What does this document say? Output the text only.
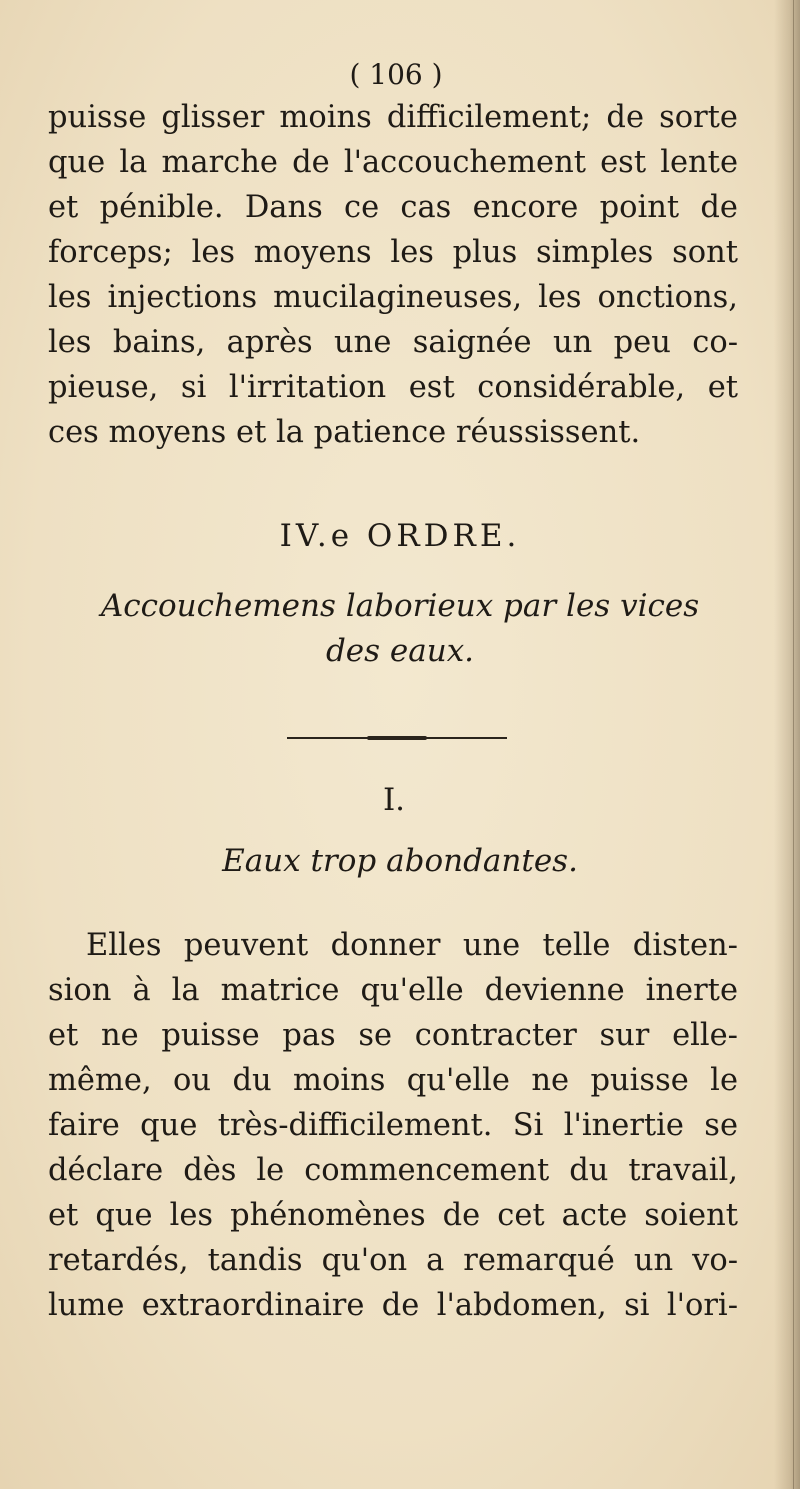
( 106 )
puisse glisser moins difficilement; de sorte
que la marche de l'accouchement est lente
et pénible. Dans ce cas encore point de
forceps; les moyens les plus simples sont
les injections mucilagineuses, les onctions,
les bains, après une saignée un peu co-
pieuse, si l'irritation est considérable, et
ces moyens et la patience réussissent.
IV.e ORDRE.
Accouchemens laborieux par les vices
des eaux.
I.
Eaux trop abondantes.
Elles peuvent donner une telle disten-
sion à la matrice qu'elle devienne inerte
et ne puisse pas se contracter sur elle-
même, ou du moins qu'elle ne puisse le
faire que très-difficilement. Si l'inertie se
déclare dès le commencement du travail,
et que les phénomènes de cet acte soient
retardés, tandis qu'on a remarqué un vo-
lume extraordinaire de l'abdomen, si l'ori-
